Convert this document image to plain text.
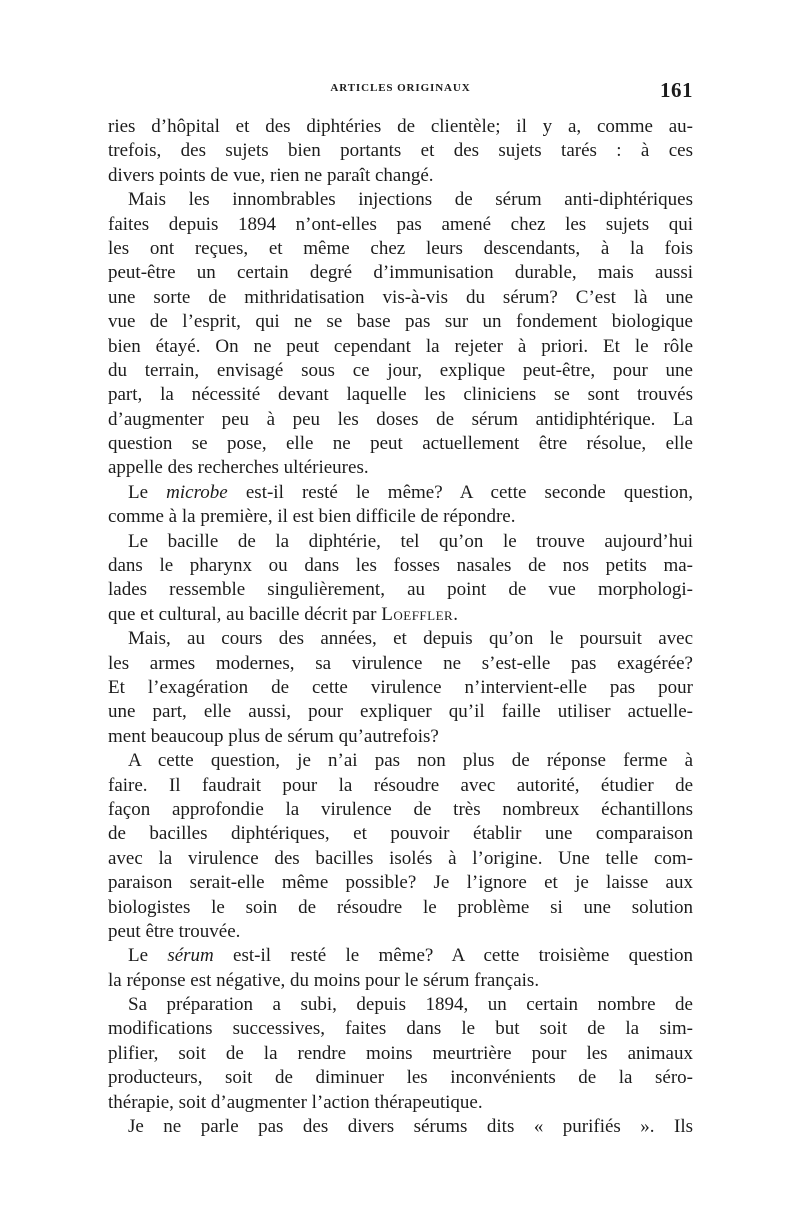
ARTICLES ORIGINAUX	161
ries d’hôpital et des diphtéries de clientèle; il y a, comme au-
trefois, des sujets bien portants et des sujets tarés : à ces
divers points de vue, rien ne paraît changé.
Mais les innombrables injections de sérum anti-diphtériques
faites depuis 1894 n’ont-elles pas amené chez les sujets qui
les ont reçues, et même chez leurs descendants, à la fois
peut-être un certain degré d’immunisation durable, mais aussi
une sorte de mithridatisation vis-à-vis du sérum? C’est là une
vue de l’esprit, qui ne se base pas sur un fondement biologique
bien étayé. On ne peut cependant la rejeter à priori. Et le rôle
du terrain, envisagé sous ce jour, explique peut-être, pour une
part, la nécessité devant laquelle les cliniciens se sont trouvés
d’augmenter peu à peu les doses de sérum antidiphtérique. La
question se pose, elle ne peut actuellement être résolue, elle
appelle des recherches ultérieures.
Le microbe est-il resté le même? A cette seconde question,
comme à la première, il est bien difficile de répondre.
Le bacille de la diphtérie, tel qu’on le trouve aujourd’hui
dans le pharynx ou dans les fosses nasales de nos petits ma-
lades ressemble singulièrement, au point de vue morphologi-
que et cultural, au bacille décrit par Loeffler.
Mais, au cours des années, et depuis qu’on le poursuit avec
les armes modernes, sa virulence ne s’est-elle pas exagérée?
Et l’exagération de cette virulence n’intervient-elle pas pour
une part, elle aussi, pour expliquer qu’il faille utiliser actuelle-
ment beaucoup plus de sérum qu’autrefois?
A cette question, je n’ai pas non plus de réponse ferme à
faire. Il faudrait pour la résoudre avec autorité, étudier de
façon approfondie la virulence de très nombreux échantillons
de bacilles diphtériques, et pouvoir établir une comparaison
avec la virulence des bacilles isolés à l’origine. Une telle com-
paraison serait-elle même possible? Je l’ignore et je laisse aux
biologistes le soin de résoudre le problème si une solution
peut être trouvée.
Le sérum est-il resté le même? A cette troisième question
la réponse est négative, du moins pour le sérum français.
Sa préparation a subi, depuis 1894, un certain nombre de
modifications successives, faites dans le but soit de la sim-
plifier, soit de la rendre moins meurtrière pour les animaux
producteurs, soit de diminuer les inconvénients de la séro-
thérapie, soit d’augmenter l’action thérapeutique.
Je ne parle pas des divers sérums dits « purifiés ». Ils
